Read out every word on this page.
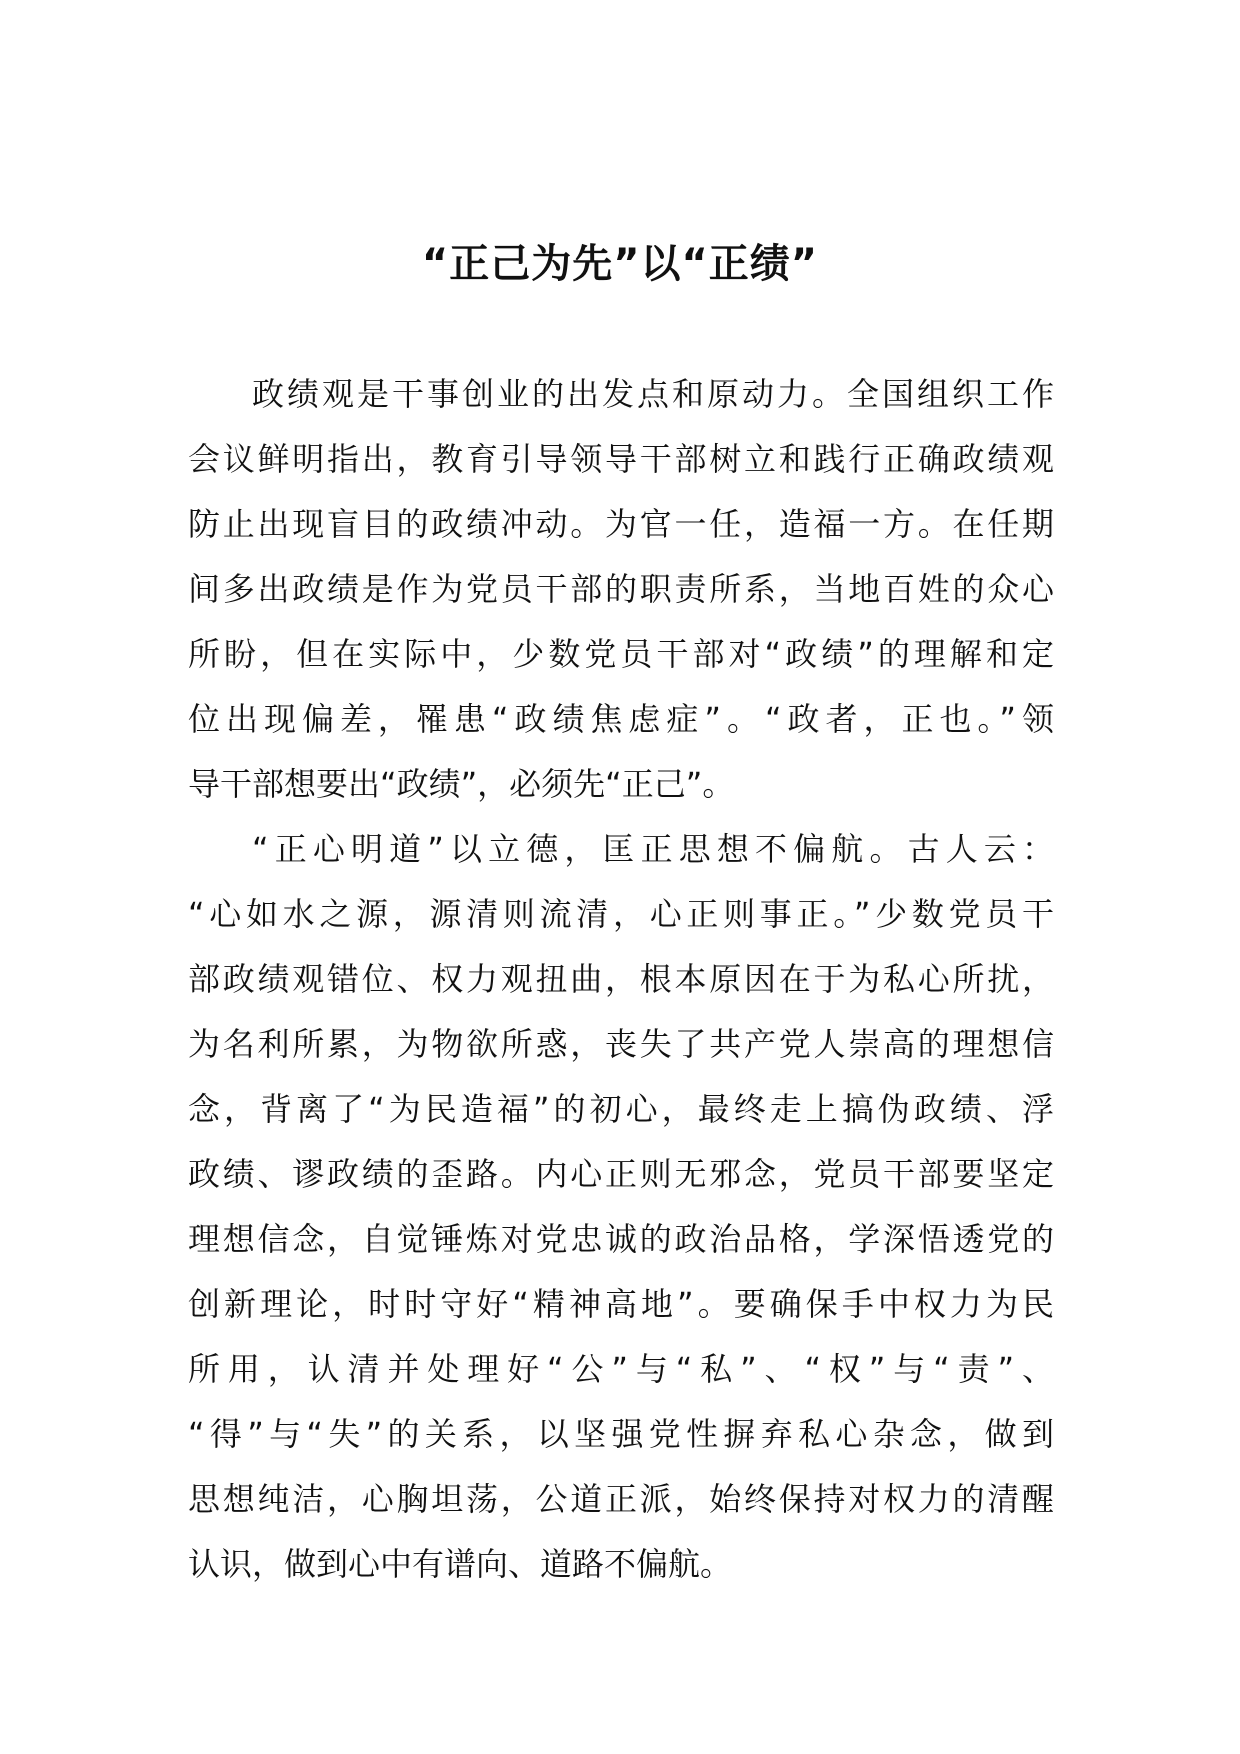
“正己为先”以“正绩”
政绩观是干事创业的出发点和原动力。全国组织工作
会议鲜明指出，教育引导领导干部树立和践行正确政绩观
防止出现盲目的政绩冲动。为官一任，造福一方。在任期
间多出政绩是作为党员干部的职责所系，当地百姓的众心
所盼，但在实际中，少数党员干部对“政绩”的理解和定
位出现偏差，罹患“政绩焦虑症”。“政者，正也。”领
导干部想要出“政绩”，必须先“正己”。
“正心明道”以立德，匡正思想不偏航。古人云：
“心如水之源，源清则流清，心正则事正。”少数党员干
部政绩观错位、权力观扭曲，根本原因在于为私心所扰，
为名利所累，为物欲所惑，丧失了共产党人崇高的理想信
念，背离了“为民造福”的初心，最终走上搞伪政绩、浮
政绩、谬政绩的歪路。内心正则无邪念，党员干部要坚定
理想信念，自觉锤炼对党忠诚的政治品格，学深悟透党的
创新理论，时时守好“精神高地”。要确保手中权力为民
所用，认清并处理好“公”与“私”、“权”与“责”、
“得”与“失”的关系，以坚强党性摒弃私心杂念，做到
思想纯洁，心胸坦荡，公道正派，始终保持对权力的清醒
认识，做到心中有谱向、道路不偏航。
